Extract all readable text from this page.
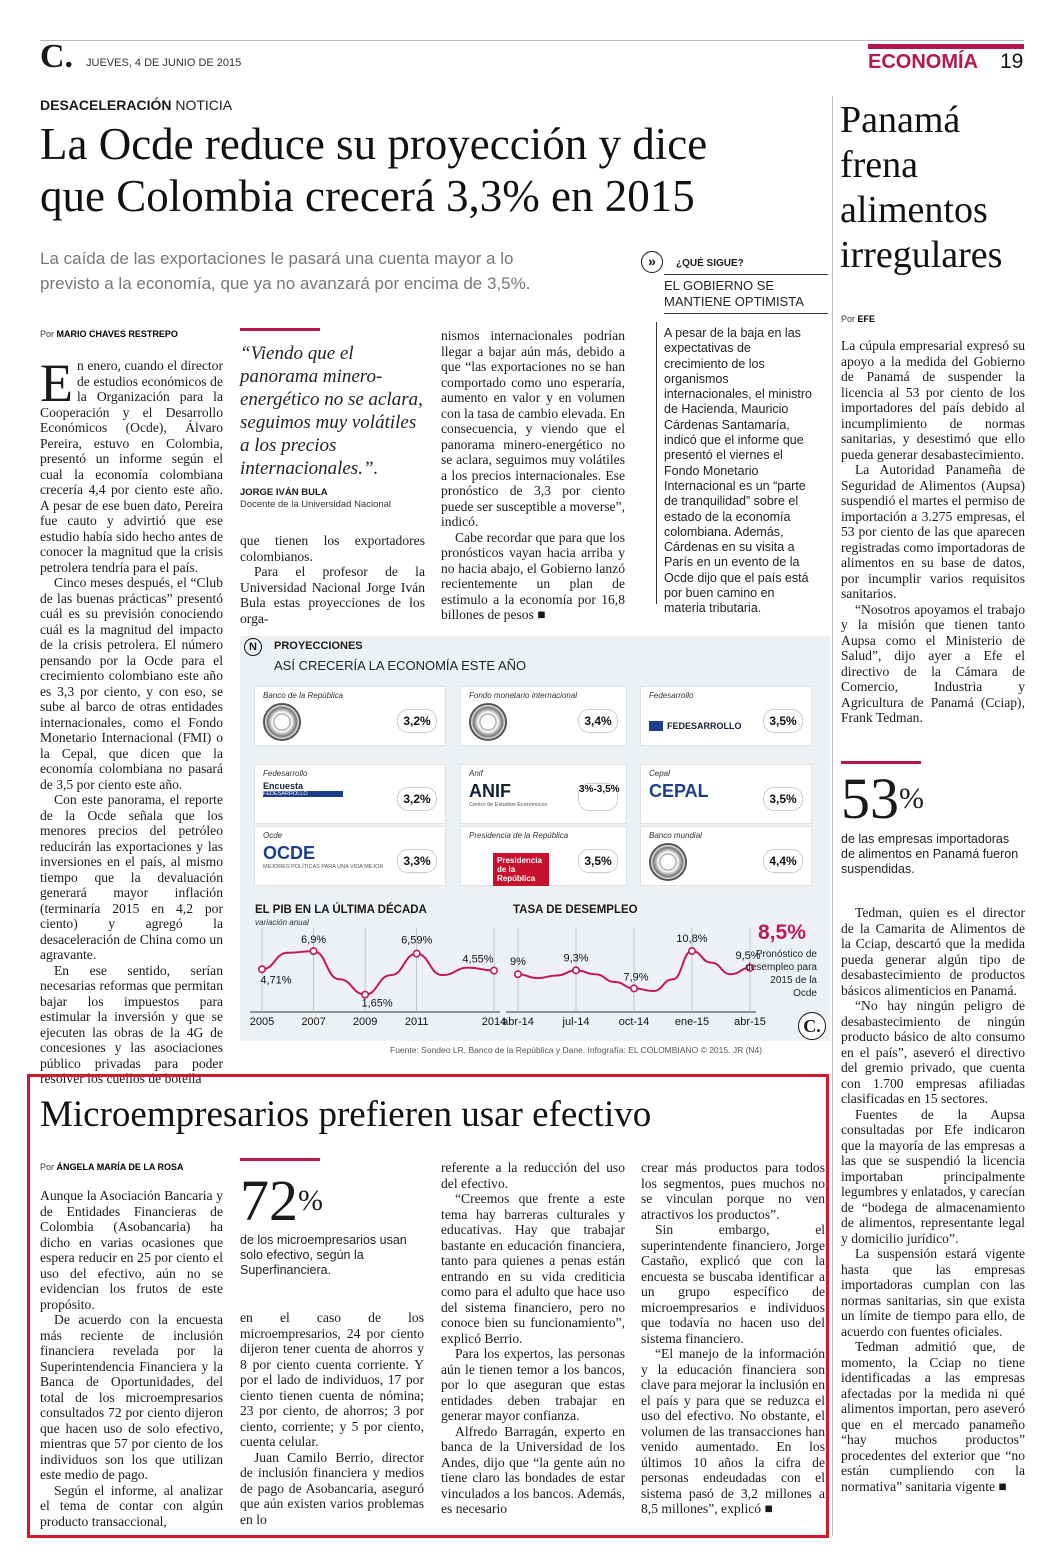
C. JUEVES, 4 DE JUNIO DE 2015	ECONOMÍA 19
DESACELERACIÓN NOTICIA
La Ocde reduce su proyección y dice
que Colombia crecerá 3,3% en 2015
La caída de las exportaciones le pasará una cuenta mayor a lo
previsto a la economía, que ya no avanzará por encima de 3,5%.
Por MARIO CHAVES RESTREPO

En enero, cuando el director de estudios económicos de la Organización para la Cooperación y el Desarrollo Económicos (Ocde), Álvaro Pereira, estuvo en Colombia, presentó un informe según el cual la economía colombiana crecería 4,4 por ciento este año. A pesar de ese buen dato, Pereira fue cauto y advirtió que ese estudio había sido hecho antes de conocer la magnitud que la crisis petrolera tendría para el país.

Cinco meses después, el “Club de las buenas prácticas” presentó cuál es su previsión conociendo cuál es la magnitud del impacto de la crisis petrolera. El número pensando por la Ocde para el crecimiento colombiano este año es 3,3 por ciento, y con eso, se sube al barco de otras entidades internacionales, como el Fondo Monetario Internacional (FMI) o la Cepal, que dicen que la economía colombiana no pasará de 3,5 por ciento este año.

Con este panorama, el reporte de la Ocde señala que los menores precios del petróleo reducirán las exportaciones y las inversiones en el país, al mismo tiempo que la devaluación generará mayor inflación (terminaría 2015 en 4,2 por ciento) y agregó la desaceleración de China como un agravante.

En ese sentido, serían necesarias reformas que permitan bajar los impuestos para estimular la inversión y que se ejecuten las obras de la 4G de concesiones y las asociaciones público privadas para poder resolver los cuellos de botella

“Viendo que el panorama minero-energético no se aclara, seguimos muy volátiles a los precios internacionales.”.
JORGE IVÁN BULA
Docente de la Universidad Nacional

que tienen los exportadores colombianos.

Para el profesor de la Universidad Nacional Jorge Iván Bula estas proyecciones de los orga-

nismos internacionales podrían llegar a bajar aún más, debido a que “las exportaciones no se han comportado como uno esperaría, aumento en valor y en volumen con la tasa de cambio elevada. En consecuencia, y viendo que el panorama minero-energético no se aclara, seguimos muy volátiles a los precios internacionales. Ese pronóstico de 3,3 por ciento puede ser susceptible a moverse”, indicó.

Cabe recordar que para que los pronósticos vayan hacia arriba y no hacia abajo, el Gobierno lanzó recientemente un plan de estímulo a la economía por 16,8 billones de pesos ■

»	¿QUÉ SIGUE?
EL GOBIERNO SE
MANTIENE OPTIMISTA
A pesar de la baja en las expectativas de crecimiento de los organismos internacionales, el ministro de Hacienda, Mauricio Cárdenas Santamaría, indicó que el informe que presentó el viernes el Fondo Monetario Internacional es un “parte de tranquilidad” sobre el estado de la economía colombiana. Además, Cárdenas en su visita a París en un evento de la Ocde dijo que el país está por buen camino en materia tributaria.
N	PROYECCIONES
ASÍ CRECERÍA LA ECONOMÍA ESTE AÑO
Banco de la República
3,2%
Fondo monetario internacional
3,4%
Fedesarrollo
FEDESARROLLO	3,5%
Fedesarrollo
Encuesta
FEDESARROLLO	3,2%
Anif
ANIF
Centro de Estudios Económicos
3%-3,5%
Cepal
CEPAL	3,5%
Ocde
OCDE
MEJORES POLÍTICAS PARA UNA VIDA MEJOR	3,3%
Presidencia de la República
Presidencia de la República
3,5%
Banco mundial
4,4%
EL PIB EN LA ÚLTIMA DÉCADA
variación anual
TASA DE DESEMPLEO
2005 2007 2009 2011	2014
4,71%
6,9%
1,65%
6,59%
4,55%
abr-14	jul-14	oct-14 ene-15 abr-15
9%	9,3%
7,9%
10,8%
9,5%
8,5%
Pronóstico de desempleo para 2015 de la Ocde
C.
Fuente: Sondeo LR, Banco de la República y Dane. Infografía: EL COLOMBIANO © 2015. JR (N4)
Panamá
frena
alimentos
irregulares
Por EFE

La cúpula empresarial expresó su apoyo a la medida del Gobierno de Panamá de suspender la licencia al 53 por ciento de los importadores del país debido al incumplimiento de normas sanitarias, y desestimó que ello pueda generar desabastecimiento.

La Autoridad Panameña de Seguridad de Alimentos (Aupsa) suspendió el martes el permiso de importación a 3.275 empresas, el 53 por ciento de las que aparecen registradas como importadoras de alimentos en su base de datos, por incumplir varios requisitos sanitarios.

“Nosotros apoyamos el trabajo y la misión que tienen tanto Aupsa como el Ministerio de Salud”, dijo ayer a Efe el directivo de la Cámara de Comercio, Industria y Agricultura de Panamá (Cciap), Frank Tedman.

53%
de las empresas importadoras de alimentos en Panamá fueron suspendidas.

Tedman, quien es el director de la Camarita de Alimentos de la Cciap, descartó que la medida pueda generar algún tipo de desabastecimiento de productos básicos alimenticios en Panamá.

“No hay ningún peligro de desabastecimiento de ningún producto básico de alto consumo en el país”, aseveró el directivo del gremio privado, que cuenta con 1.700 empresas afiliadas clasificadas en 15 sectores.

Fuentes de la Aupsa consultadas por Efe indicaron que la mayoría de las empresas a las que se suspendió la licencia importaban principalmente legumbres y enlatados, y carecían de “bodega de almacenamiento de alimentos, representante legal y domicilio jurídico”.

La suspensión estará vigente hasta que las empresas importadoras cumplan con las normas sanitarias, sin que exista un límite de tiempo para ello, de acuerdo con fuentes oficiales.

Tedman admitió que, de momento, la Cciap no tiene identificadas a las empresas afectadas por la medida ni qué alimentos importan, pero aseveró que en el mercado panameño “hay muchos productos” procedentes del exterior que “no están cumpliendo con la normativa” sanitaria vigente ■

Microempresarios prefieren usar efectivo
Por ÁNGELA MARÍA DE LA ROSA

Aunque la Asociación Bancaria y de Entidades Financieras de Colombia (Asobancaria) ha dicho en varias ocasiones que espera reducir en 25 por ciento el uso del efectivo, aún no se evidencian los frutos de este propósito.

De acuerdo con la encuesta más reciente de inclusión financiera revelada por la Superintendencia Financiera y la Banca de Oportunidades, del total de los microempresarios consultados 72 por ciento dijeron que hacen uso de solo efectivo, mientras que 57 por ciento de los individuos son los que utilizan este medio de pago.

Según el informe, al analizar el tema de contar con algún producto transaccional,

72%
de los microempresarios usan solo efectivo, según la Superfinanciera.

en el caso de los microempresarios, 24 por ciento dijeron tener cuenta de ahorros y 8 por ciento cuenta corriente. Y por el lado de individuos, 17 por ciento tienen cuenta de nómina; 23 por ciento, de ahorros; 3 por ciento, corriente; y 5 por ciento, cuenta celular.

Juan Camilo Berrio, director de inclusión financiera y medios de pago de Asobancaria, aseguró que aún existen varios problemas en lo

referente a la reducción del uso del efectivo.

“Creemos que frente a este tema hay barreras culturales y educativas. Hay que trabajar bastante en educación financiera, tanto para quienes a penas están entrando en su vida crediticia como para el adulto que hace uso del sistema financiero, pero no conoce bien su funcionamiento”, explicó Berrio.

Para los expertos, las personas aún le tienen temor a los bancos, por lo que aseguran que estas entidades deben trabajar en generar mayor confianza.

Alfredo Barragán, experto en banca de la Universidad de los Andes, dijo que “la gente aún no tiene claro las bondades de estar vinculados a los bancos. Además, es necesario

crear más productos para todos los segmentos, pues muchos no se vinculan porque no ven atractivos los productos”.

Sin embargo, el superintendente financiero, Jorge Castaño, explicó que con la encuesta se buscaba identificar a un grupo específico de microempresarios e individuos que todavía no hacen uso del sistema financiero.

“El manejo de la información y la educación financiera son clave para mejorar la inclusión en el país y para que se reduzca el uso del efectivo. No obstante, el volumen de las transacciones han venido aumentado. En los últimos 10 años la cifra de personas endeudadas con el sistema pasó de 3,2 millones a 8,5 millones”, explicó ■
